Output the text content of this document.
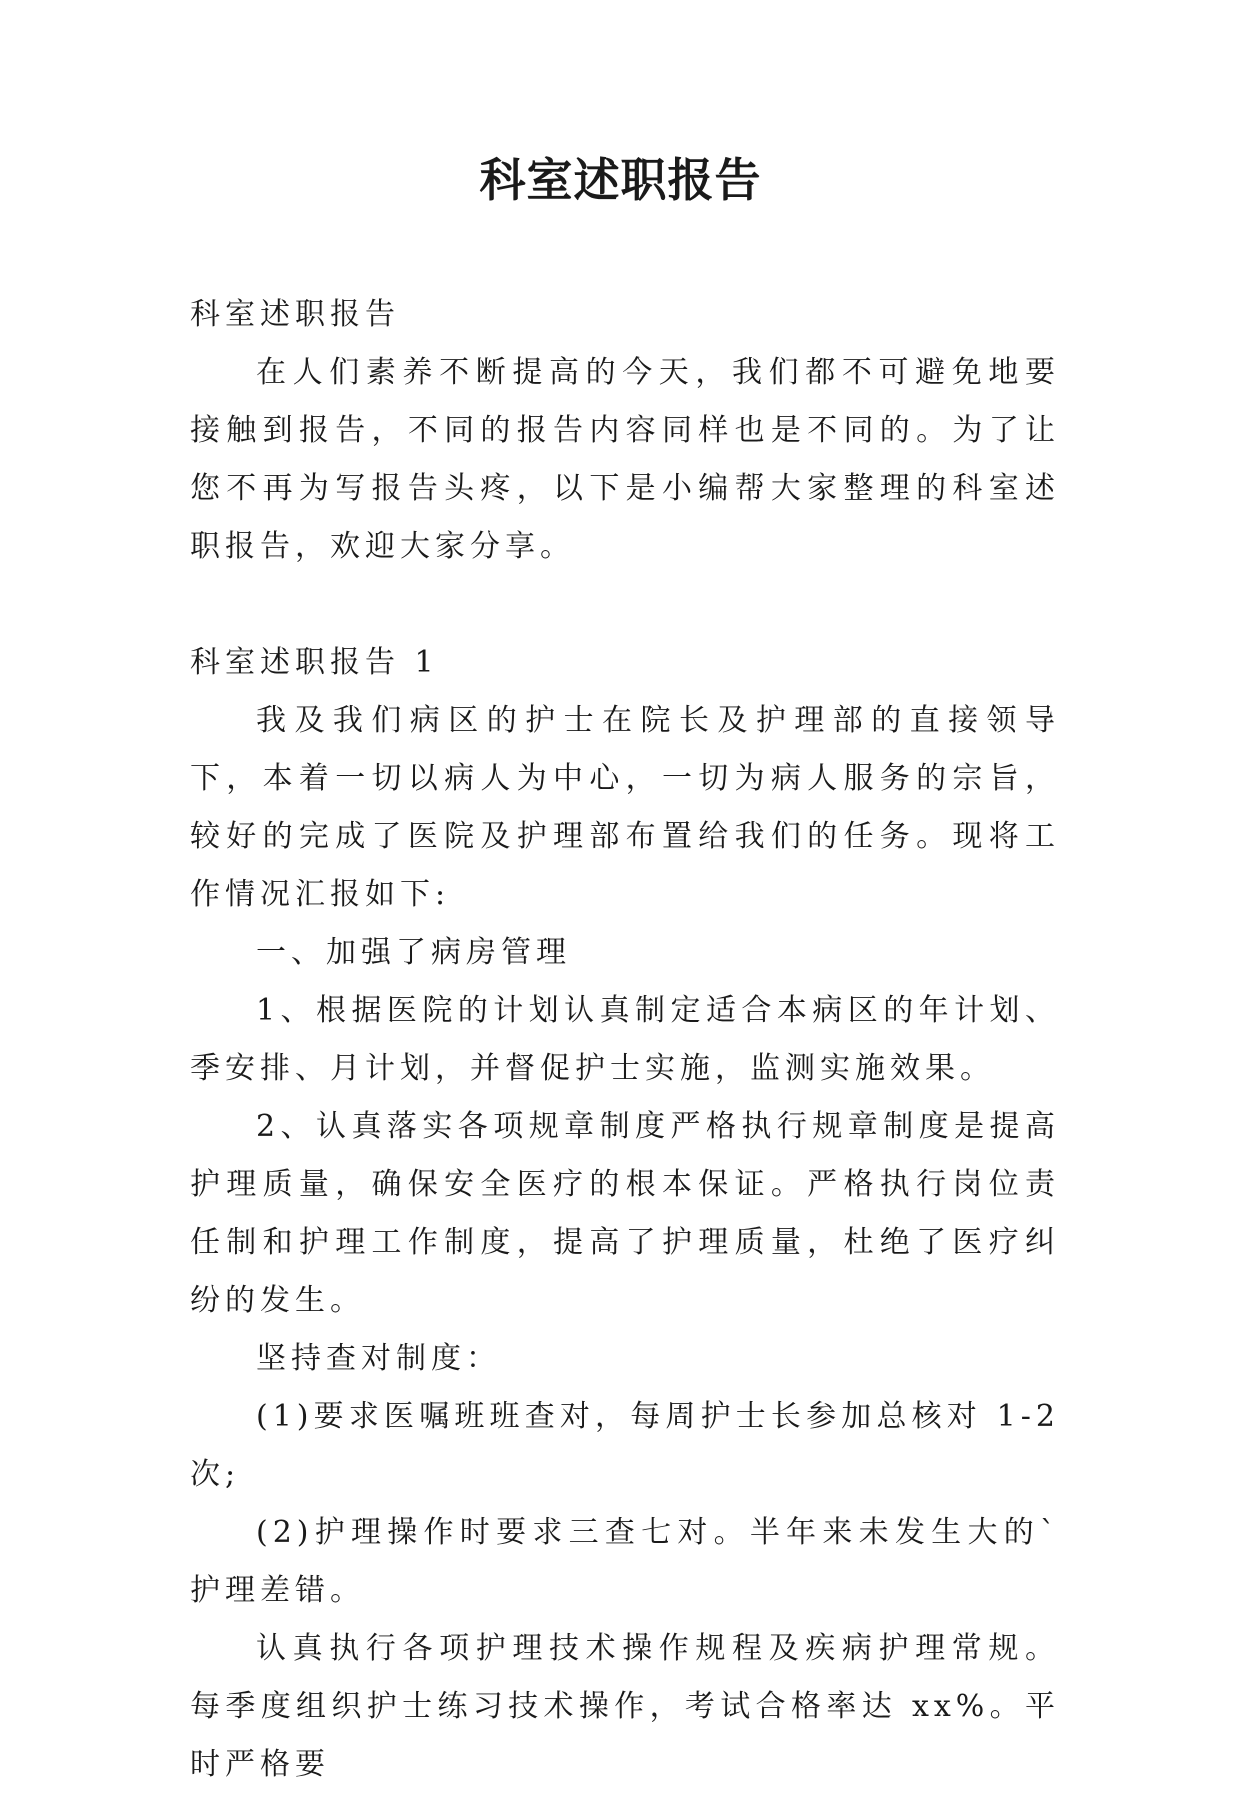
科室述职报告

科室述职报告

在人们素养不断提高的今天，我们都不可避免地要接触到报告，不同的报告内容同样也是不同的。为了让您不再为写报告头疼，以下是小编帮大家整理的科室述职报告，欢迎大家分享。

科室述职报告 1

我及我们病区的护士在院长及护理部的直接领导下，本着一切以病人为中心，一切为病人服务的宗旨，较好的完成了医院及护理部布置给我们的任务。现将工作情况汇报如下:

一、加强了病房管理

1、根据医院的计划认真制定适合本病区的年计划、季安排、月计划，并督促护士实施，监测实施效果。

2、认真落实各项规章制度严格执行规章制度是提高护理质量，确保安全医疗的根本保证。严格执行岗位责任制和护理工作制度，提高了护理质量，杜绝了医疗纠纷的发生。

坚持查对制度：

(1)要求医嘱班班查对，每周护士长参加总核对 1-2 次;

(2)护理操作时要求三查七对。半年来未发生大的`护理差错。

认真执行各项护理技术操作规程及疾病护理常规。每季度组织护士练习技术操作，考试合格率达 xx%。平时严格要
